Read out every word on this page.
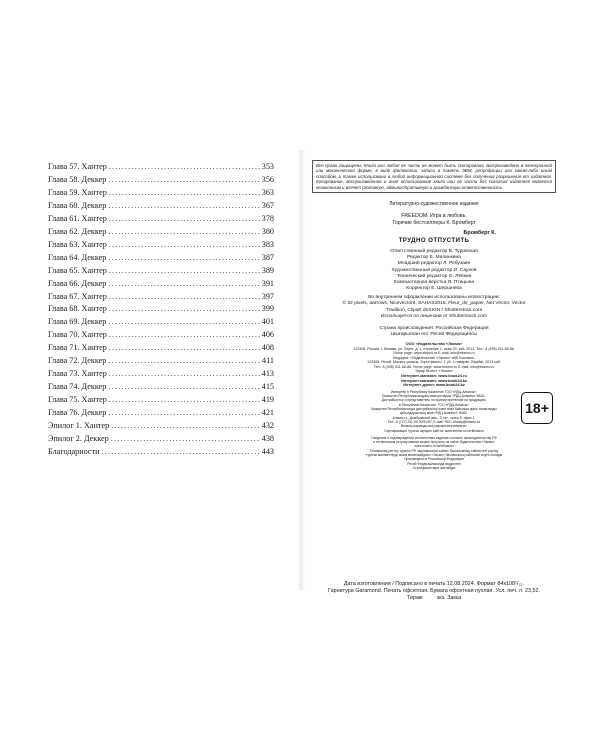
Глава 57. Хантер .....	353
Глава 58. Деккер .....	356
Глава 59. Хантер .....	363
Глава 60. Деккер .....	367
Глава 61. Хантер .....	378
Глава 62. Деккер .....	380
Глава 63. Хантер .....	383
Глава 64. Деккер .....	387
Глава 65. Хантер .....	389
Глава 66. Деккер .....	391
Глава 67. Хантер .....	397
Глава 68. Хантер .....	399
Глава 69. Деккер .....	401
Глава 70. Хантер .....	406
Глава 71. Хантер .....	408
Глава 72. Деккер .....	411
Глава 73. Хантер .....	413
Глава 74. Деккер .....	415
Глава 75. Хантер .....	419
Глава 76. Деккер .....	421
Эпилог 1. Хантер .....	432
Эпилог 2. Деккер .....	438
Благодарности .....	443
Все права защищены. Книга или любая ее часть не может быть скопирована, воспроизведена в электронной или механической форме, в виде фотокопии, записи в память ЭВМ, репродукции или каким-либо иным способом, а также использована в любой информационной системе без получения разрешения от издателя. Копирование, воспроизведение и иное использование книги или ее части без согласия издателя является незаконным и влечет уголовную, административную и гражданскую ответственность.
Литературно-художественное издание
FREEDOM. Игра в любовь.
Горячие бестселлеры К. Бромберг
Бромберг К.
ТРУДНО ОТПУСТИТЬ
Ответственный редактор В. Туровская
Редактор Е. Малинкина
Младший редактор Л. Ребузаин
Художественный редактор И. Саунов
Технический редактор О. Лёвкин
Компьютерная верстка Я. Птицына
Корректор Е. Шершнева
Во внутреннем оформлении использованы иллюстрации:
© 32 pixels, aarrows, Nicevector9, SAHAS2015, Fleur_de_papier, Net Vector, Vector
Tradition, Clipart deSIGN / Shutterstock.com
Используется по лицензии от Shutterstock.com
Страна происхождения: Российская Федерация
Шығарылған елі: Ресей Федерациясы
ООО «Издательство «Эксмо»
123308, Россия, г. Москва, ул. Зорге, д. 1, строение 1, этаж 20, каб. 2013. Тел.: 8 (495) 411-68-86.
Home page: www.eksmo.ru E-mail: info@eksmo.ru
Өндіруші: «Издательство «Эксмо» АҚБ Баспасы,
123308, Ресей, Мәскеу қаласы, Зорге көшесі, 1 үй, 1 ғимарат, 20қабат, 2013 каб.
Тел.: 8 (495) 411-68-86. Home page: www.eksmo.ru E-mail: info@eksmo.ru
Тауар белгісі: «Эксмо»
Интернет-магазин: www.book24.ru
Интернет-магазин: www.book24.kz
Интернет-дүкен: www.book24.kz
Импортёр в Республику Казахстан ТОО «РДЦ-Алматы».
Қазақстан Республикасындағы импорттаушы «РДЦ-Алматы» ЖШС.
Дистрибьютор и представитель по приему претензий на продукцию,
в Республике Казахстан: ТОО «РДЦ-Алматы»
Қазақстан Республикасында дистрибьютор және өнім бойынша арыз-талаптарды
қабылдаушының өкілі «РДЦ-Алматы» ЖШС,
Алматы қ., Домбровский көш., 3 «а», литер Б, офис 1.
Тел.: 8 (727) 251-59-90/91/92; E-mail: RDC-Almaty@eksmo.kz
Өнімнің жарамдылық мерзімі шектелмеген.
Сертификация туралы ақпарат сайтта: www.eksmo.ru/certification
Сведения о подтверждении соответствия издания согласно законодательству РФ
о техническом регулировании можно получить на сайте Издательства «Эксмо»
www.eksmo.ru/certification
Техникалық реттеу туралы РФ заңнамасына сәйкес басылымның сәйкестігін растау
туралы мәліметтерді мына мекенжайдағы «Эксмо» баспасының сайтынан алуға болады
Произведено в Российской Федерации
Ресей Федерациясында өндірілген
Сертификаттауға жатпайды
18+
Дата изготовления / Подписано в печать 12.08.2024. Формат 84x108¹/₃₂.
Гарнитура Garamond. Печать офсетная. Бумага офсетная пухлая. Усл. печ. л. 23,52.
Тираж	экз. Заказ
